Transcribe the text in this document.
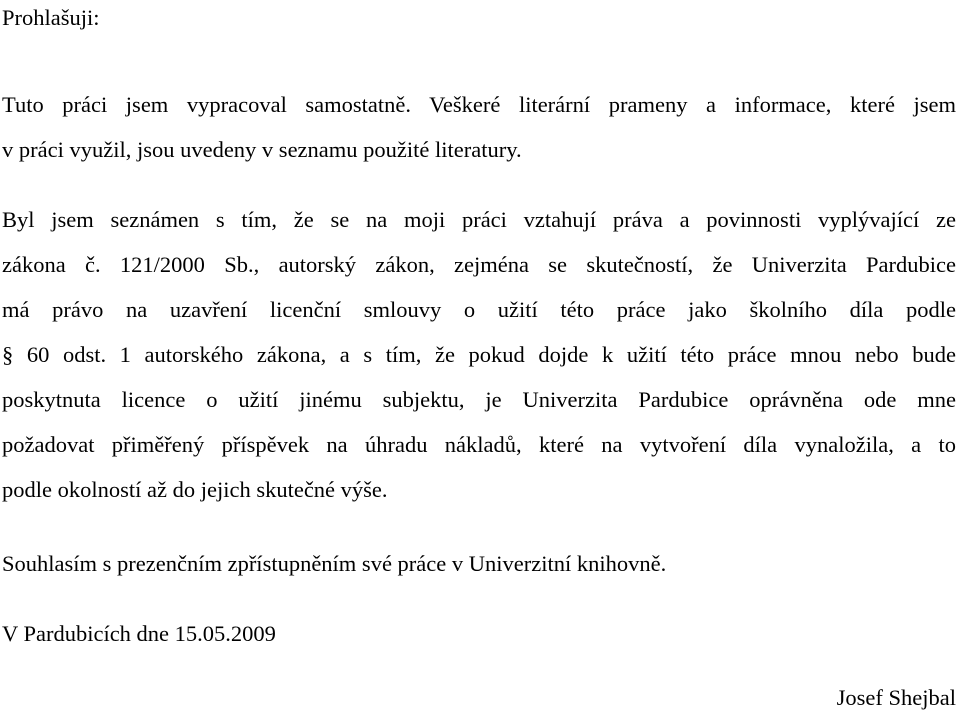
Prohlašuji:

Tuto práci jsem vypracoval samostatně. Veškeré literární prameny a informace, které jsem
v práci využil, jsou uvedeny v seznamu použité literatury.

Byl jsem seznámen s tím, že se na moji práci vztahují práva a povinnosti vyplývající ze
zákona č. 121/2000 Sb., autorský zákon, zejména se skutečností, že Univerzita Pardubice
má právo na uzavření licenční smlouvy o užití této práce jako školního díla podle
§ 60 odst. 1 autorského zákona, a s tím, že pokud dojde k užití této práce mnou nebo bude
poskytnuta licence o užití jinému subjektu, je Univerzita Pardubice oprávněna ode mne
požadovat přiměřený příspěvek na úhradu nákladů, které na vytvoření díla vynaložila, a to
podle okolností až do jejich skutečné výše.

Souhlasím s prezenčním zpřístupněním své práce v Univerzitní knihovně.

V Pardubicích dne 15.05.2009

Josef Shejbal
